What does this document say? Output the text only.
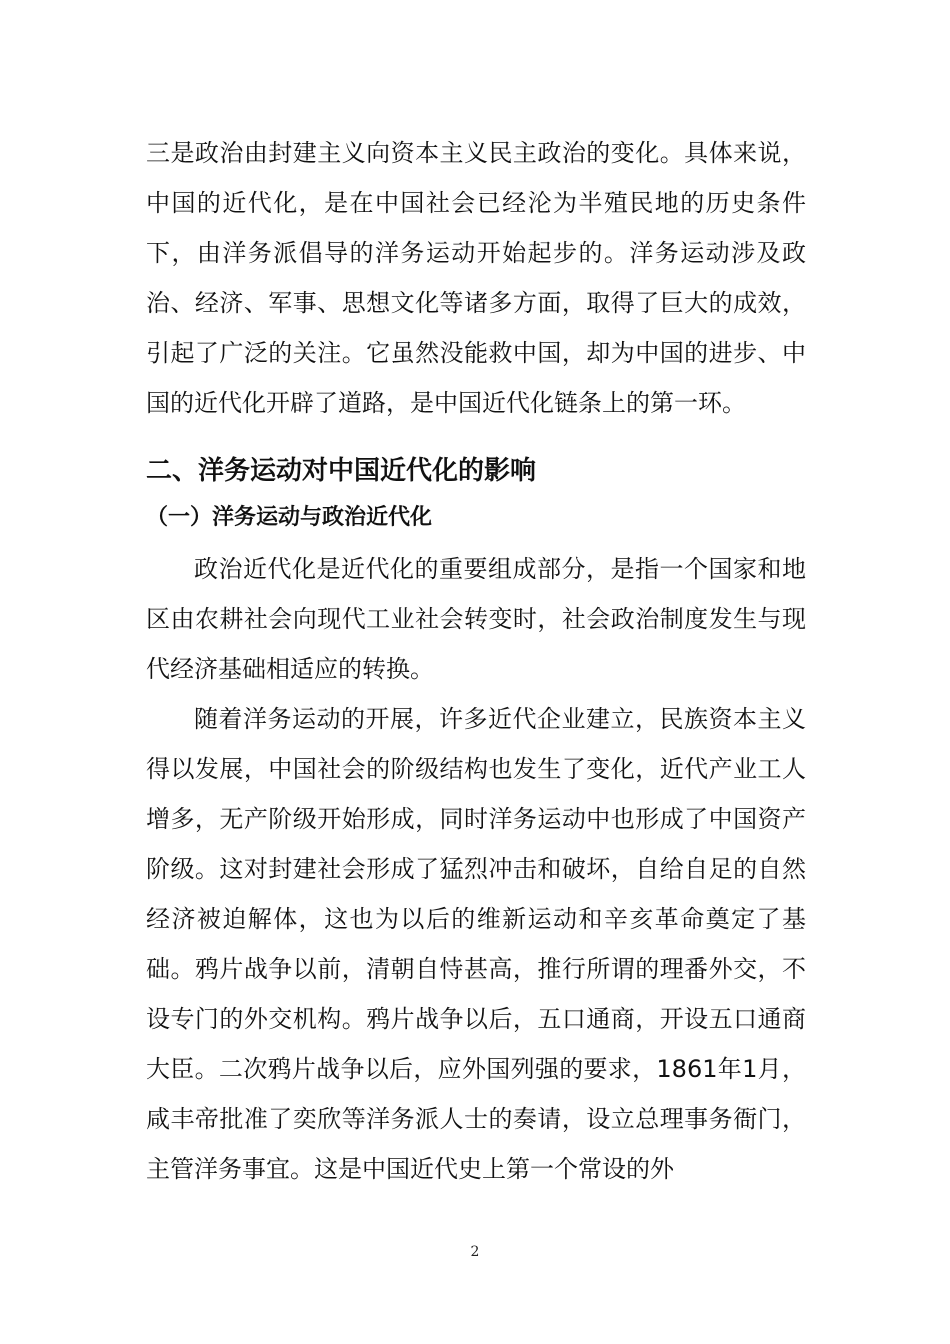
三是政治由封建主义向资本主义民主政治的变化。具体来说，中国的近代化，是在中国社会已经沦为半殖民地的历史条件下，由洋务派倡导的洋务运动开始起步的。洋务运动涉及政治、经济、军事、思想文化等诸多方面，取得了巨大的成效，引起了广泛的关注。它虽然没能救中国，却为中国的进步、中国的近代化开辟了道路，是中国近代化链条上的第一环。

二、洋务运动对中国近代化的影响
（一）洋务运动与政治近代化

政治近代化是近代化的重要组成部分，是指一个国家和地区由农耕社会向现代工业社会转变时，社会政治制度发生与现代经济基础相适应的转换。

随着洋务运动的开展，许多近代企业建立，民族资本主义得以发展，中国社会的阶级结构也发生了变化，近代产业工人增多，无产阶级开始形成，同时洋务运动中也形成了中国资产阶级。这对封建社会形成了猛烈冲击和破坏，自给自足的自然经济被迫解体，这也为以后的维新运动和辛亥革命奠定了基础。鸦片战争以前，清朝自恃甚高，推行所谓的理番外交，不设专门的外交机构。鸦片战争以后，五口通商，开设五口通商大臣。二次鸦片战争以后，应外国列强的要求，1861年1月，咸丰帝批准了奕欣等洋务派人士的奏请，设立总理事务衙门，主管洋务事宜。这是中国近代史上第一个常设的外

2
